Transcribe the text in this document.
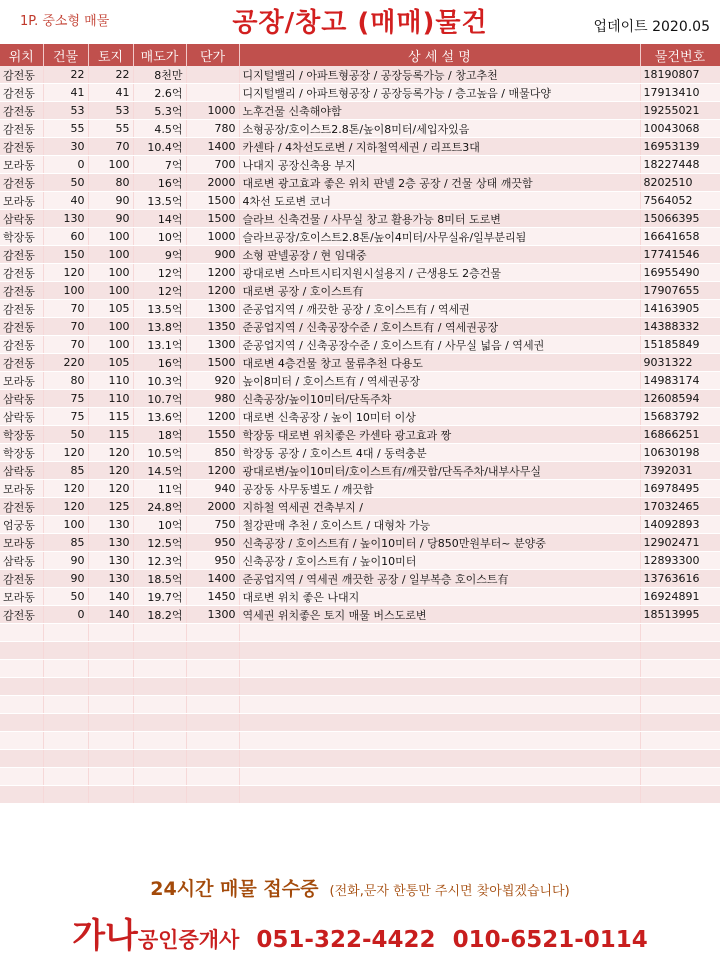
1P. 중소형 매물	공장/창고 (매매)물건	업데이트 2020.05
위치	건물	토지	매도가	단가	상 세 설 명	물건번호
감전동	22	22	8천만		디지털밸리 / 아파트형공장 / 공장등록가능 / 창고추천	18190807
감전동	41	41	2.6억		디지털밸리 / 아파트형공장 / 공장등록가능 / 층고높음 / 매물다양	17913410
감전동	53	53	5.3억	1000	노후건물 신축해야함	19255021
감전동	55	55	4.5억	780	소형공장/호이스트2.8톤/높이8미터/세입자있음	10043068
감전동	30	70	10.4억	1400	카센타 / 4차선도로변 / 지하철역세권 / 리프트3대	16953139
모라동	0	100	7억	700	나대지 공장신축용 부지	18227448
감전동	50	80	16억	2000	대로변 광고효과 좋은 위치 판넬 2층 공장 / 건물 상태 깨끗함	8202510
모라동	40	90	13.5억	1500	4차선 도로변 코너	7564052
삼락동	130	90	14억	1500	슬라브 신축건물 / 사무실 창고 활용가능 8미터 도로변	15066395
학장동	60	100	10억	1000	슬라브공장/호이스트2.8톤/높이4미터/사무실유/일부분리됨	16641658
감전동	150	100	9억	900	소형 판넬공장 / 현 임대중	17741546
감전동	120	100	12억	1200	광대로변 스마트시티지원시설용지 / 근생용도 2층건물	16955490
감전동	100	100	12억	1200	대로변 공장 / 호이스트有	17907655
감전동	70	105	13.5억	1300	준공업지역 / 깨끗한 공장 / 호이스트有 / 역세권	14163905
감전동	70	100	13.8억	1350	준공업지역 / 신축공장수준 / 호이스트有 / 역세권공장	14388332
감전동	70	100	13.1억	1300	준공업지역 / 신축공장수준 / 호이스트有 / 사무실 넓음 / 역세권	15185849
감전동	220	105	16억	1500	대로변 4층건물 창고 물류추천 다용도	9031322
모라동	80	110	10.3억	920	높이8미터 / 호이스트有 / 역세권공장	14983174
삼락동	75	110	10.7억	980	신축공장/높이10미터/단독주차	12608594
삼락동	75	115	13.6억	1200	대로변 신축공장 / 높이 10미터 이상	15683792
학장동	50	115	18억	1550	학장동 대로변 위치좋은 카센타 광고효과 짱	16866251
학장동	120	120	10.5억	850	학장동 공장 / 호이스트 4대 / 동력충분	10630198
삼락동	85	120	14.5억	1200	광대로변/높이10미터/호이스트有/깨끗함/단독주차/내부사무실	7392031
모라동	120	120	11억	940	공장동 사무동별도 / 깨끗함	16978495
감전동	120	125	24.8억	2000	지하철 역세권 건축부지 /	17032465
엄궁동	100	130	10억	750	철강판매 추천 / 호이스트 / 대형차 가능	14092893
모라동	85	130	12.5억	950	신축공장 / 호이스트有 / 높이10미터 / 당850만원부터~ 분양중	12902471
삼락동	90	130	12.3억	950	신축공장 / 호이스트有 / 높이10미터	12893300
감전동	90	130	18.5억	1400	준공업지역 / 역세권 깨끗한 공장 / 일부복층 호이스트有	13763616
모라동	50	140	19.7억	1450	대로변 위치 좋은 나대지	16924891
감전동	0	140	18.2억	1300	역세권 위치좋은 토지 매물 버스도로변	18513995

24시간 매물 접수중 (전화,문자 한통만 주시면 찾아뵙겠습니다)
가나공인중개사 051-322-4422 010-6521-0114
